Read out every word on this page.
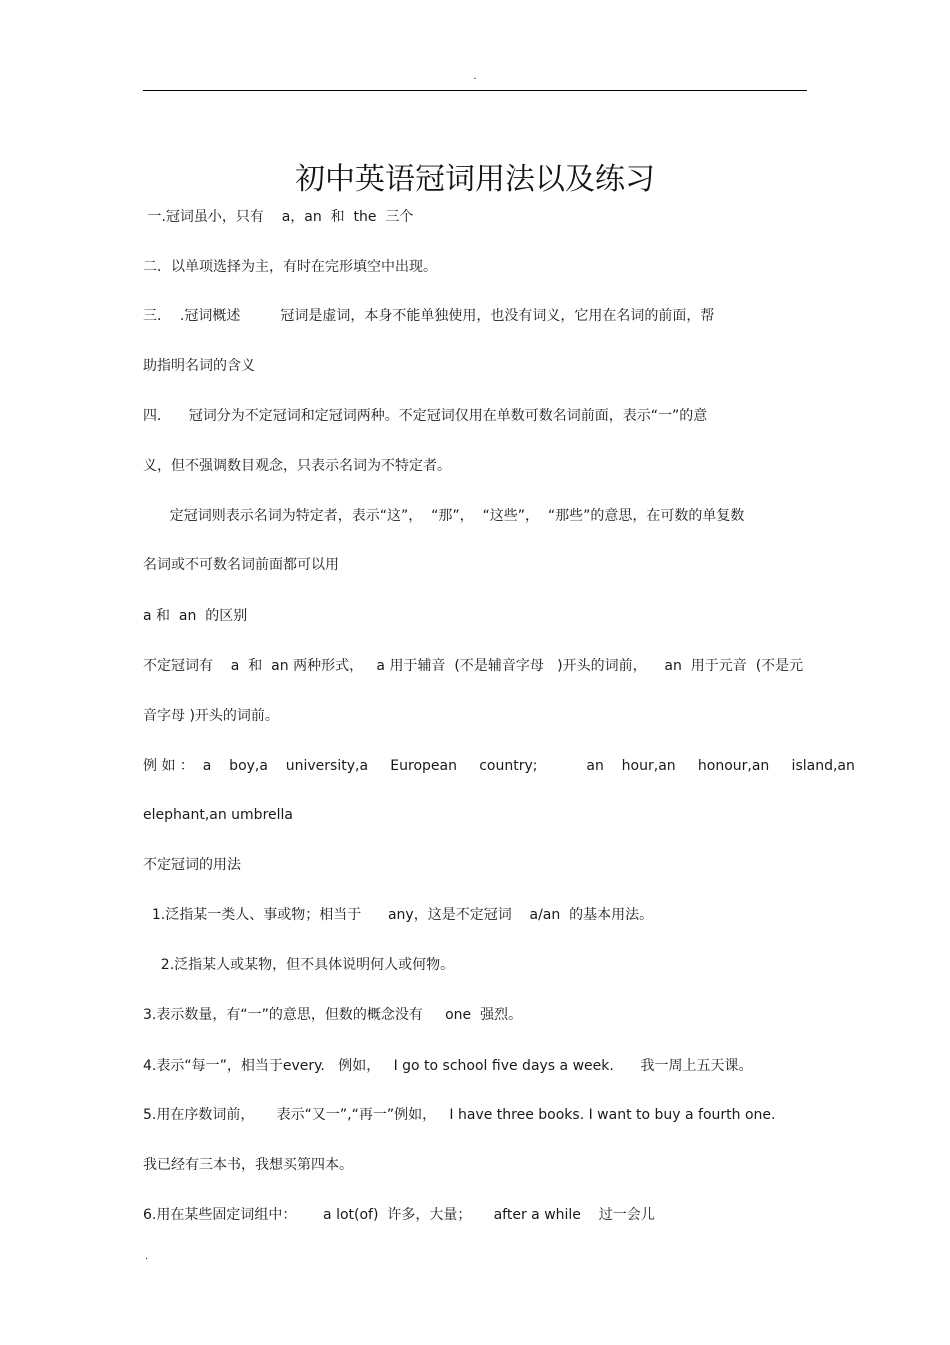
.
初中英语冠词用法以及练习
一.冠词虽小，只有    a，an  和  the  三个
二．以单项选择为主，有时在完形填空中出现。
三．  .冠词概述         冠词是虚词，本身不能单独使用，也没有词义，它用在名词的前面，帮
助指明名词的含义
四．    冠词分为不定冠词和定冠词两种。不定冠词仅用在单数可数名词前面，表示“一”的意
义，但不强调数目观念，只表示名词为不特定者。
定冠词则表示名词为特定者，表示“这”，  “那”，  “这些”，  “那些”的意思，在可数的单复数
名词或不可数名词前面都可以用
a 和  an  的区别
不定冠词有    a  和  an 两种形式，   a 用于辅音  (不是辅音字母   )开头的词前，    an  用于元音  (不是元
音字母 )开头的词前。
例 如 ：  a    boy,a    university,a     European     country;           an    hour,an     honour,an     island,an
elephant,an umbrella
不定冠词的用法
1.泛指某一类人、事或物；相当于      any，这是不定冠词    a/an  的基本用法。
2.泛指某人或某物，但不具体说明何人或何物。
3.表示数量，有“一”的意思，但数的概念没有     one  强烈。
4.表示“每一”，相当于every.   例如，   I go to school five days a week.      我一周上五天课。
5.用在序数词前，     表示“又一”,“再一”例如，   I have three books. I want to buy a fourth one.
我已经有三本书，我想买第四本。
6.用在某些固定词组中：      a lot(of)  许多，大量；     after a while    过一会儿
.
